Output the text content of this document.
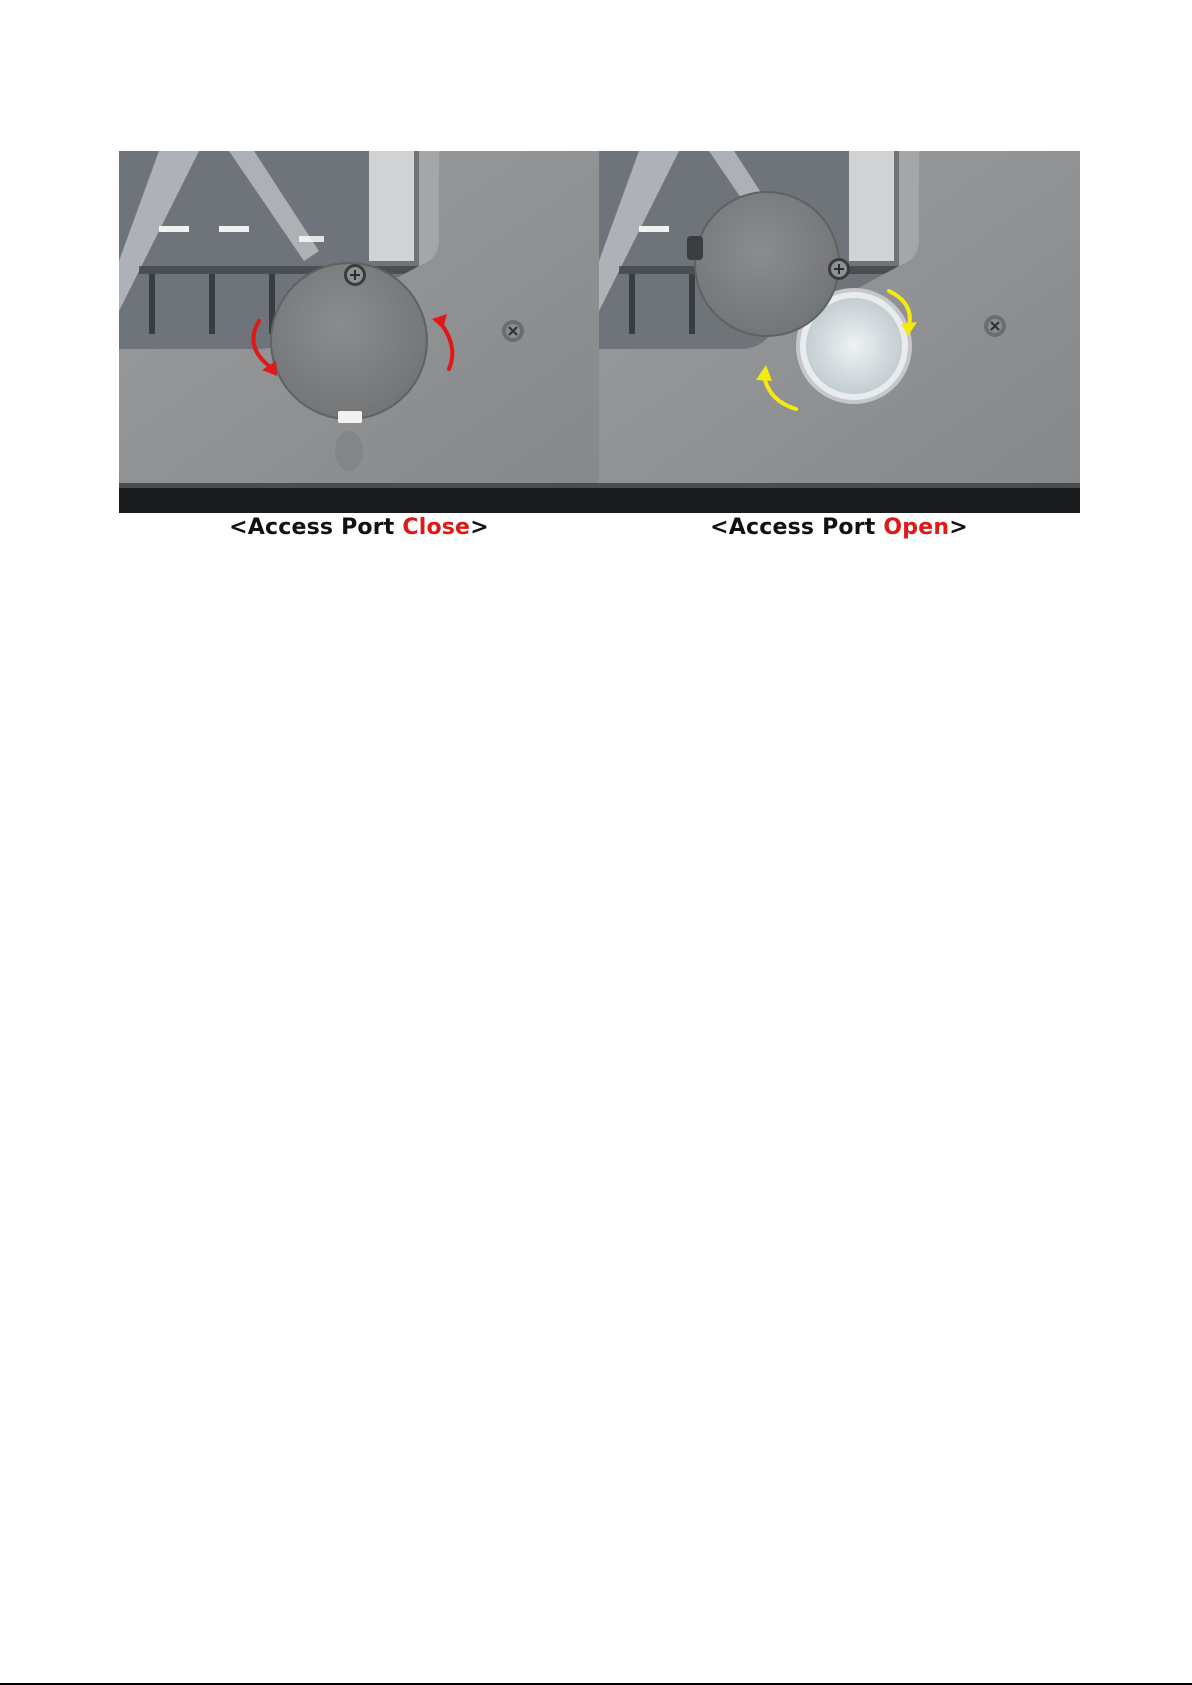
<Access Port Close>	<Access Port Open>
